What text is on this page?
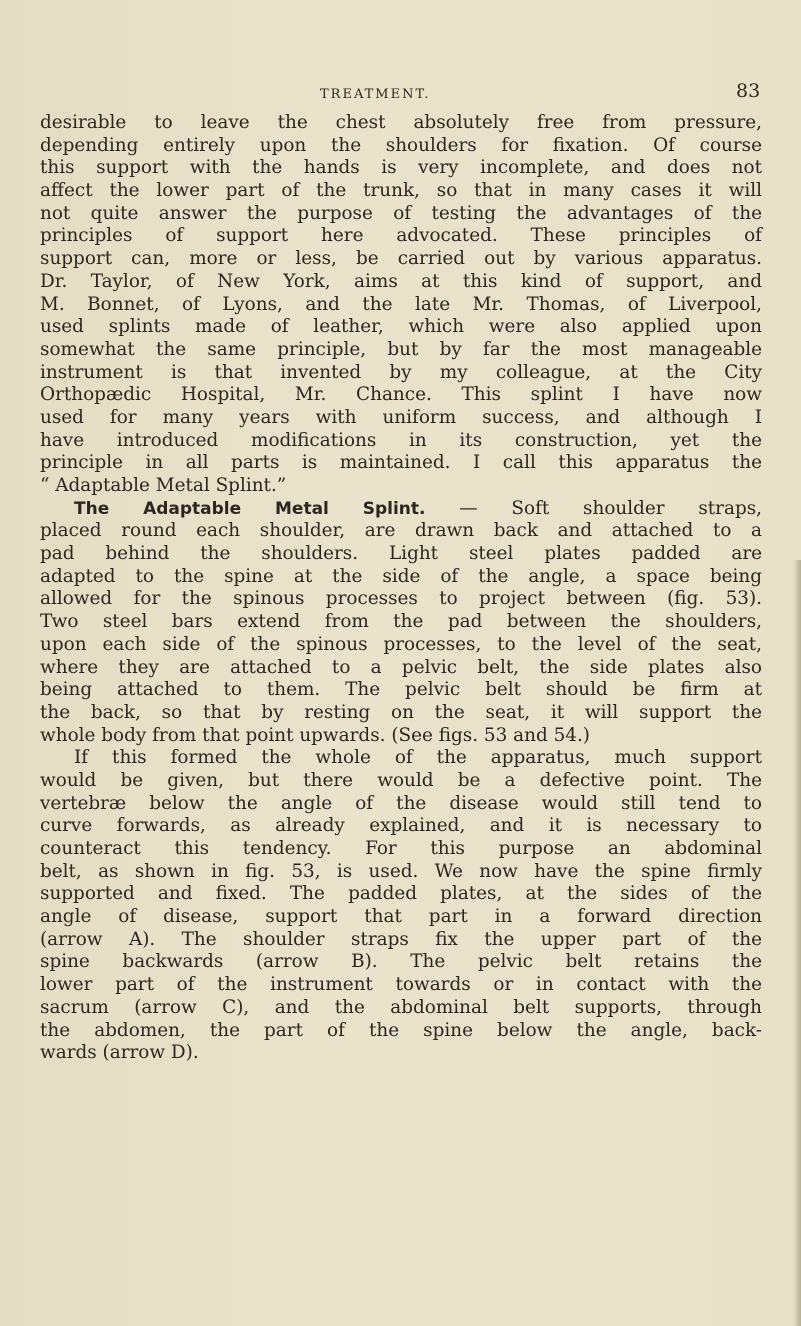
TREATMENT.	83
desirable to leave the chest absolutely free from pressure,
depending entirely upon the shoulders for fixation. Of course
this support with the hands is very incomplete, and does not
affect the lower part of the trunk, so that in many cases it will
not quite answer the purpose of testing the advantages of the
principles of support here advocated. These principles of
support can, more or less, be carried out by various apparatus.
Dr. Taylor, of New York, aims at this kind of support, and
M. Bonnet, of Lyons, and the late Mr. Thomas, of Liverpool,
used splints made of leather, which were also applied upon
somewhat the same principle, but by far the most manageable
instrument is that invented by my colleague, at the City
Orthopædic Hospital, Mr. Chance. This splint I have now
used for many years with uniform success, and although I
have introduced modifications in its construction, yet the
principle in all parts is maintained. I call this apparatus the
“ Adaptable Metal Splint.”
The Adaptable Metal Splint. — Soft shoulder straps,
placed round each shoulder, are drawn back and attached to a
pad behind the shoulders. Light steel plates padded are
adapted to the spine at the side of the angle, a space being
allowed for the spinous processes to project between (fig. 53).
Two steel bars extend from the pad between the shoulders,
upon each side of the spinous processes, to the level of the seat,
where they are attached to a pelvic belt, the side plates also
being attached to them. The pelvic belt should be firm at
the back, so that by resting on the seat, it will support the
whole body from that point upwards. (See figs. 53 and 54.)
If this formed the whole of the apparatus, much support
would be given, but there would be a defective point. The
vertebræ below the angle of the disease would still tend to
curve forwards, as already explained, and it is necessary to
counteract this tendency. For this purpose an abdominal
belt, as shown in fig. 53, is used. We now have the spine firmly
supported and fixed. The padded plates, at the sides of the
angle of disease, support that part in a forward direction
(arrow A). The shoulder straps fix the upper part of the
spine backwards (arrow B). The pelvic belt retains the
lower part of the instrument towards or in contact with the
sacrum (arrow C), and the abdominal belt supports, through
the abdomen, the part of the spine below the angle, back-
wards (arrow D).
